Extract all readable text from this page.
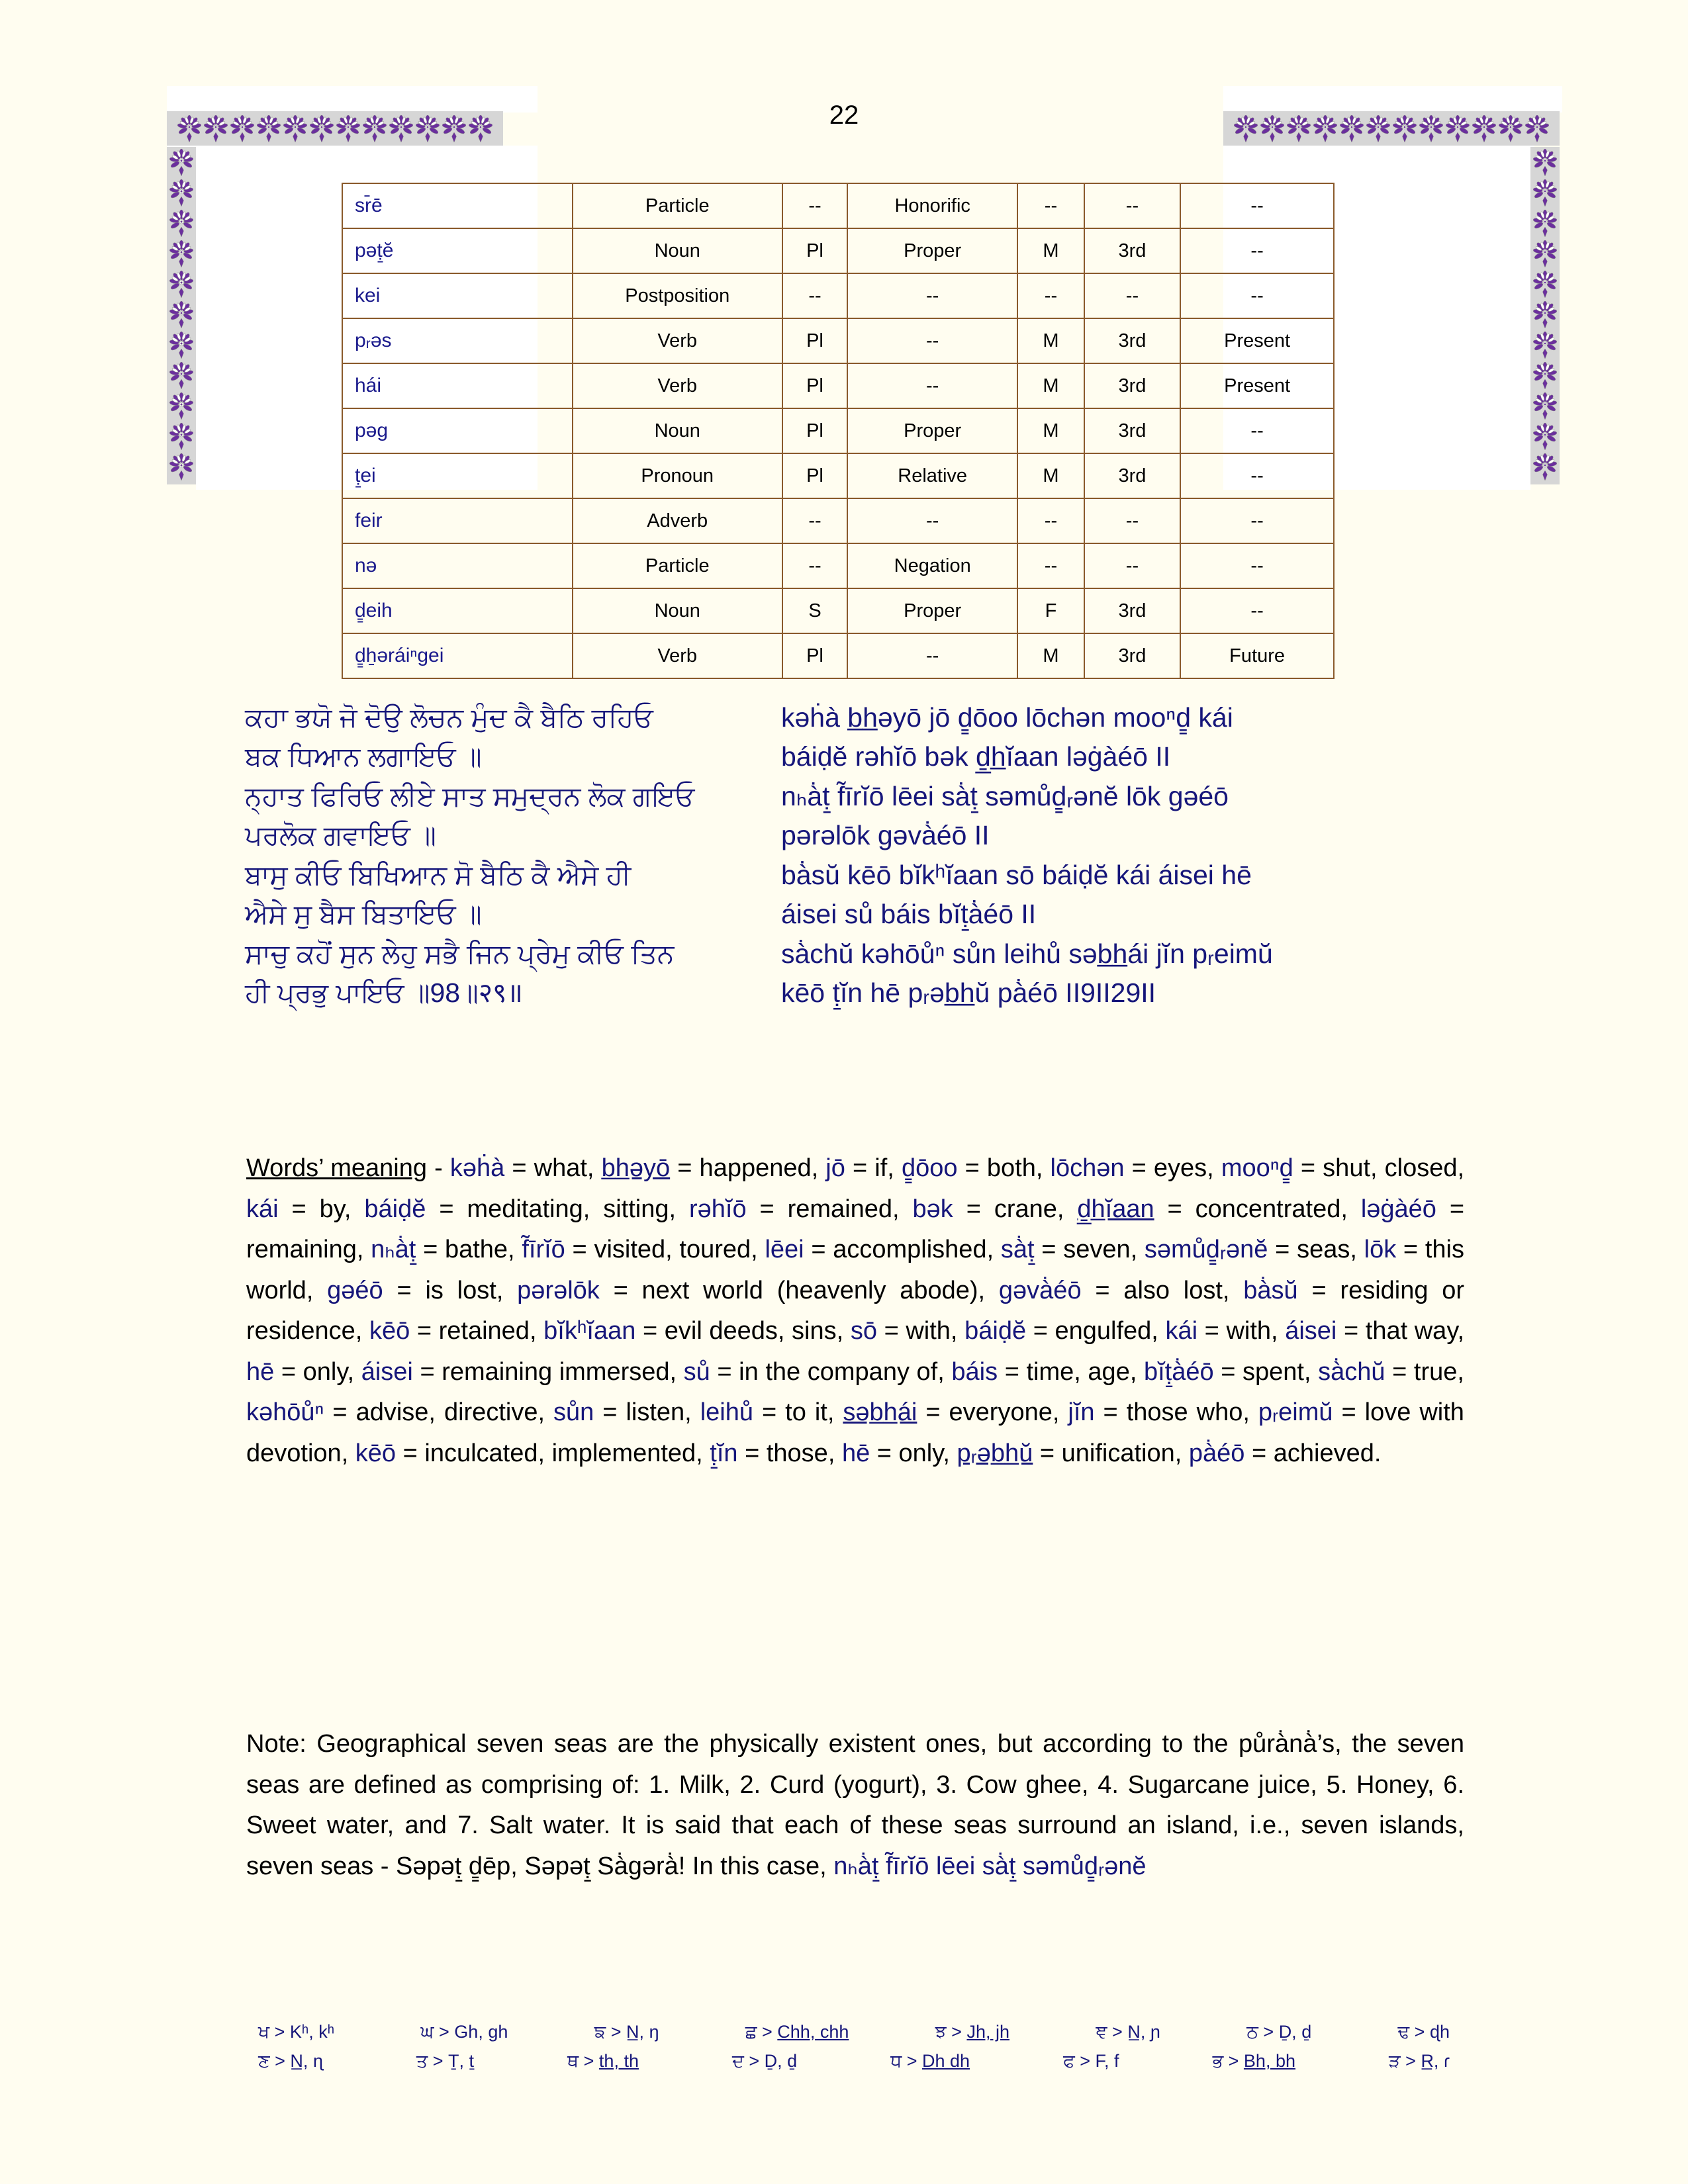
22
sr̄ē	Particle	--	Honorific	--	--	--
pəṭ̱ĕ	Noun	Pl	Proper	M	3rd	--
kei	Postposition	--	--	--	--	--
pᵣəs	Verb	Pl	--	M	3rd	Present
hái	Verb	Pl	--	M	3rd	Present
pəg	Noun	Pl	Proper	M	3rd	--
ṭ̱ei	Pronoun	Pl	Relative	M	3rd	--
feir	Adverb	--	--	--	--	--
nə	Particle	--	Negation	--	--	--
ḏ̱eih	Noun	S	Proper	F	3rd	--
ḏ̱ẖəráiⁿgei	Verb	Pl	--	M	3rd	Future
ਕਹਾ ਭਯੋ ਜੋ ਦੋਉ ਲੋਚਨ ਮੁੰਦ ਕੈ ਬੈਠਿ ਰਹਿਓ
ਬਕ ਧਿਆਨ ਲਗਾਇਓ ॥
ਨ੍ਹਾਤ ਫਿਰਿਓ ਲੀਏ ਸਾਤ ਸਮੁਦ੍ਰਨ ਲੋਕ ਗਇਓ
ਪਰਲੋਕ ਗਵਾਇਓ ॥
ਬਾਸੁ ਕੀਓ ਬਿਖਿਆਨ ਸੋ ਬੈਠਿ ਕੈ ਐਸੇ ਹੀ
ਐਸੇ ਸੁ ਬੈਸ ਬਿਤਾਇਓ ॥
ਸਾਚੁ ਕਹੋਂ ਸੁਨ ਲੇਹੁ ਸਭੈ ਜਿਨ ਪ੍ਰੇਮੁ ਕੀਓ ਤਿਨ
ਹੀ ਪ੍ਰਭੁ ਪਾਇਓ ॥98॥२९॥
kəḣà b̲h̲əyō jō ḏ̱ōoo lōchən mooⁿḏ̱ kái
báiḍĕ rəhĭō bək ḏ̲h̲ĭaan ləġàéō II
nₕà̇ṭ̱ f̃īrĭō lēei sà̇ṭ̱ səmůḏ̱ᵣənĕ lōk gəéō
pərəlōk gəvà̇éō II
bà̇sŭ kēō bĭkʰĭaan sō báiḍĕ kái áisei hē
áisei sů báis bĭṭ̱à̇éō II
sà̇chŭ kəhōůⁿ sůn leihů səb̲h̲ái jĭn pᵣeimŭ
kēō ṭ̱ĭn hē pᵣəb̲h̲ŭ pà̇éō II9II29II
Words’ meaning - kəḣà = what, b̲h̲əyō = happened, jō = if, ḏ̱ōoo = both, lōchən = eyes, mooⁿḏ̱ = shut, closed, kái = by, báiḍĕ = meditating, sitting, rəhĭō = remained, bək = crane, ḏ̲h̲ĭaan = concentrated, ləġàéō = remaining, nₕà̇ṭ̱ = bathe, f̃īrĭō = visited, toured, lēei = accomplished, sà̇ṭ̱ = seven, səmůḏ̱ᵣənĕ = seas, lōk = this world, gəéō = is lost, pərəlōk = next world (heavenly abode), gəvà̇éō = also lost, bà̇sŭ = residing or residence, kēō = retained, bĭkʰĭaan = evil deeds, sins, sō = with, báiḍĕ = engulfed, kái = with, áisei = that way, hē = only, áisei = remaining immersed, sů = in the company of, báis = time, age, bĭṭ̱à̇éō = spent, sà̇chŭ = true, kəhōůⁿ = advise, directive, sůn = listen, leihů = to it, səb̲h̲ái = everyone, jĭn = those who, pᵣeimŭ = love with devotion, kēō = inculcated, implemented, ṭ̱ĭn = those, hē = only, pᵣəb̲h̲ŭ = unification, pà̇éō = achieved.
Note: Geographical seven seas are the physically existent ones, but according to the půrà̇nà̇’s, the seven seas are defined as comprising of: 1. Milk, 2. Curd (yogurt), 3. Cow ghee, 4. Sugarcane juice, 5. Honey, 6. Sweet water, and 7. Salt water. It is said that each of these seas surround an island, i.e., seven islands, seven seas - Səpəṭ̱ ḏ̱ēp, Səpəṭ̱ Sà̇gərà̇! In this case, nₕà̇ṭ̱ f̃īrĭō lēei sà̇ṭ̱ səmůḏ̱ᵣənĕ
ਖ > Kʰ, kʰ	ਘ > Gh, gh	ਙ > N̲, ŋ	ਛ > Chh, chh	ਝ > Jh, jh	ਞ > N̲, ɲ	ਠ > Ḏ, ḏ	ਢ > ɖh
ਣ > N̲, ɳ	ਤ > Ṯ, ṯ	ਥ > th, th	ਦ > Ḏ, ḏ	ਧ > Dh dh	ਫ > F, f	ਭ > Bh, bh	ੜ > R̲, ɾ
